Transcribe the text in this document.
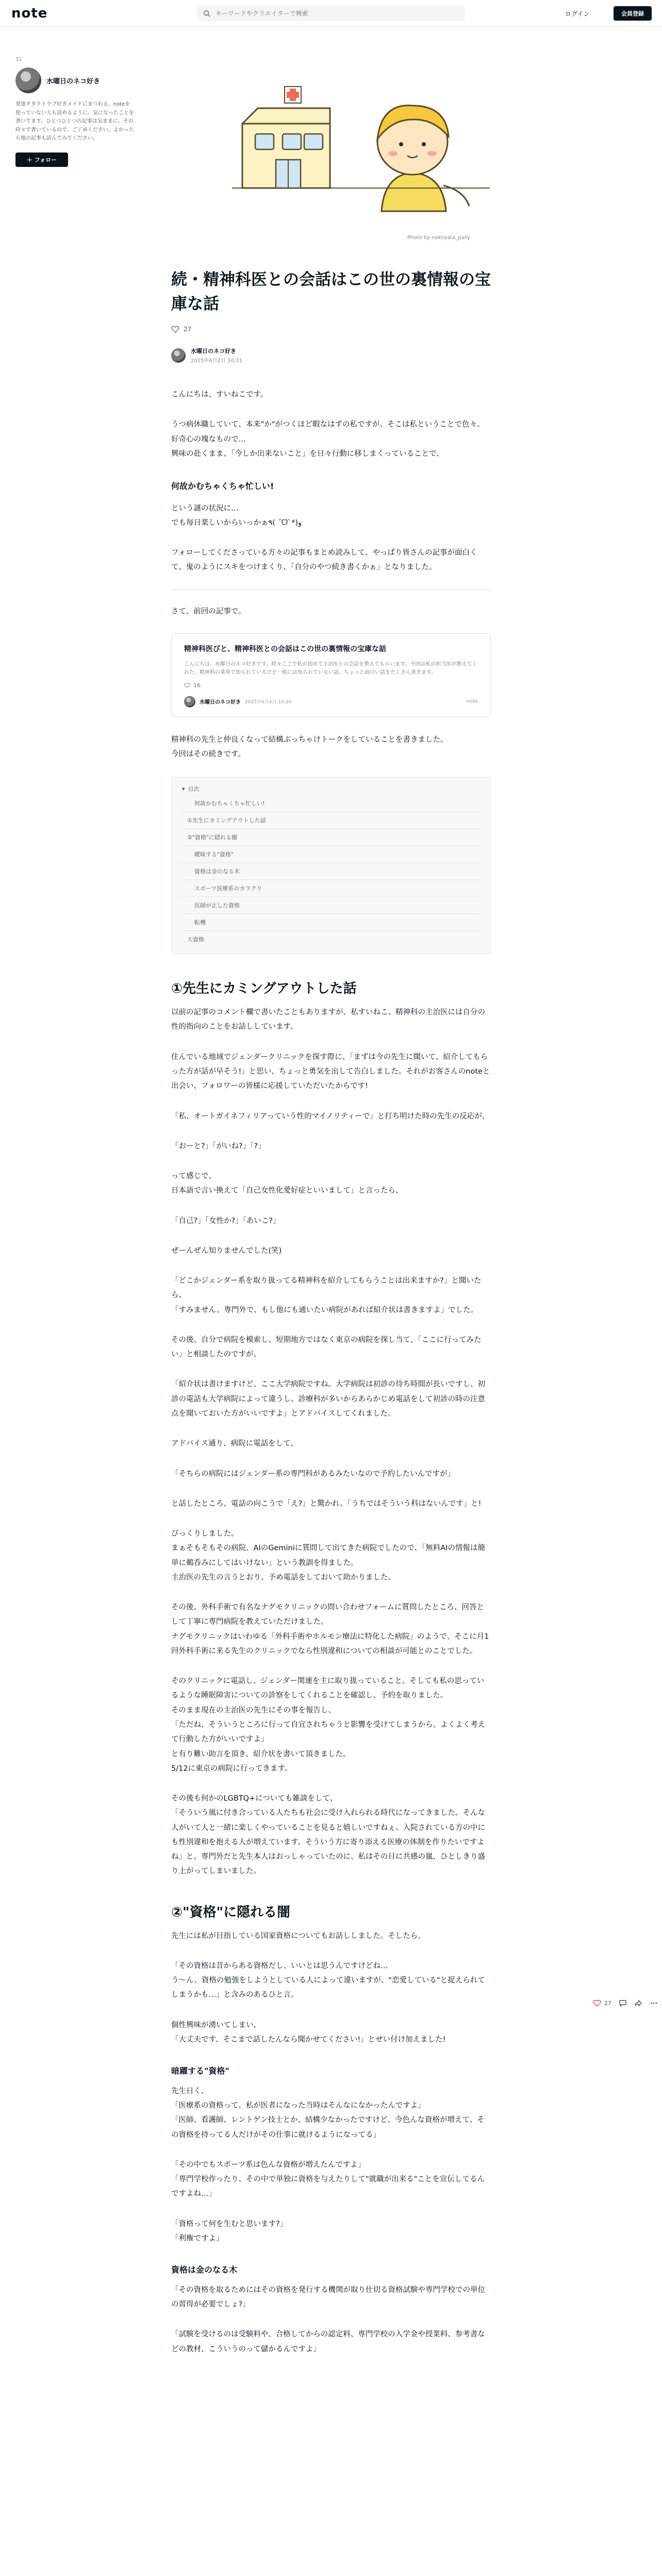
note
キーワードやクリエイターで検索	ログイン	会員登録
31
水曜日のネコ好き
発達オタクトラブ好きメイドにまつわる、noteを使っていない人も読めるように、気になったことを書いてます。ひとつひとつの記事は気ままに、その時々で書いているので、ご了承ください。よかったら他の記事も読んでみてください。
＋ フォロー
Photo by nokoyata_pally
続・精神科医との会話はこの世の裏情報の宝庫な話
27
水曜日のネコ好き
2025年6月2日 10:21

こんにちは、すいねこです。

うつ病休職していて、本来"か"がつくほど暇なはずの私ですが、そこは私ということで色々。好奇心の塊なもので…
興味の赴くまま、「今しか出来ないこと」を日々行動に移しまくっていることで、

何故かむちゃくちゃ忙しい!

という謎の状況に…
でも毎日楽しいからいっかぁ٩( ˊᗜˋ*)و

フォローしてくださっている方々の記事もまとめ読みして、やっぱり皆さんの記事が面白くて、鬼のようにスキをつけまくり、「自分のやつ続き書くかぁ」となりました。

さて、前回の記事で。

精神科医びと、精神科医との会話はこの世の裏情報の宝庫な話
こんにちは、水曜日のネコ好きです。時々ここで私が初めて主治医との会話を教えてもらいます。今回は私の担当医が教えてくれた、精神科の業界で知られているけど一般には知られていない話。ちょっと面白い話をたくさん書きます。
16
水曜日のネコ好き 2025年6月4日 10:20	note

精神科の先生と仲良くなって結構ぶっちゃけトークをしていることを書きました。
今回はその続きです。

▾ 目次
何故かむちゃくちゃ忙しい!
①先生にカミングアウトした話
②"資格"に隠れる闇
曖昧する"資格"
資格は金のなる木
スポーツ医療系のカラクリ
医師が正した資格
転機
大資格
①先生にカミングアウトした話

以前の記事のコメント欄で書いたこともありますが、私すいねこ、精神科の主治医には自分の性的指向のことをお話ししています。

住んでいる地域でジェンダークリニックを探す際に、「まずは今の先生に聞いて、紹介してもらった方が話が早そう!」と思い、ちょっと勇気を出して告白しました。それがお客さんのnoteと出会い、フォロワーの皆様に応援していただいたからです!

「私、オートガイネフィリアっていう性的マイノリティーで」と打ち明けた時の先生の反応が、

「おーと?」「がいね?」「?」

って感じで、
日本語で言い換えて「自己女性化愛好症といいまして」と言ったら、

「自己?」「女性か?」「あいこ?」

ぜーんぜん知りませんでした(笑)

「どこかジェンダー系を取り扱ってる精神科を紹介してもらうことは出来ますか?」と聞いたら、
「すみません、専門外で、もし他にも通いたい病院があれば紹介状は書きますよ」でした。

その後、自分で病院を模索し、短期地方ではなく東京の病院を探し当て、「ここに行ってみたい」と相談したのですが、

「紹介状は書けますけど、ここ大学病院ですね。大学病院は初診の待ち時間が長いですし、初診の電話も大学病院によって違うし、診療科が多いからあらかじめ電話をして初診の時の注意点を聞いておいた方がいいですよ」とアドバイスしてくれました。

アドバイス通り、病院に電話をして、

「そちらの病院にはジェンダー系の専門科があるみたいなので予約したいんですが」

と話したところ、電話の向こうで「え?」と驚かれ、「うちではそういう科はないんです」と!

びっくりしました。
まぁそもそもその病院、AIのGeminiに質問して出てきた病院でしたので、「無料AIの情報は簡単に鵜呑みにしてはいけない」という教訓を得ました。
主治医の先生の言うとおり、予め電話をしておいて助かりました。

その後、外科手術で有名なナグモクリニックの問い合わせフォームに質問したところ、回答として丁寧に専門病院を教えていただけました。
ナグモクリニックはいわゆる「外科手術やホルモン療法に特化した病院」のようで、そこに月1回外科手術に来る先生のクリニックでなら性別違和についての相談が可能とのことでした。

そのクリニックに電話し、ジェンダー関連を主に取り扱っていること、そしても私の思っているような睡眠障害についての診察をしてくれることを確認し、予約を取りました。
そのまま現在の主治医の先生にその事を報告し、
「ただね、そういうところに行って自宜されちゃうと影響を受けてしまうから、よくよく考えて行動した方がいいですよ」
と有り難い助言を頂き、紹介状を書いて頂きました。
5/12に東京の病院に行ってきます。

その後も何かのLGBTQ+についても雑談をして、
「そういう風に付き合っている人たちも社会に受け入れられる時代になってきました。そんな人がいて人と一緒に楽しくやっていることを見ると嬉しいですねぇ。入院されている方の中にも性別違和を抱える人が増えています。そういう方に寄り添える医療の体制を作りたいですよね」と、専門外だと先生本人はおっしゃっていたのに、私はその日に共感の嵐、ひとしきり盛り上がってしまいました。

②"資格"に隠れる闇

先生には私が目指している国家資格についてもお話ししました。そしたら、

「その資格は昔からある資格だし、いいとは思うんですけどね…
う〜ん、資格の勉強をしようとしている人によって違いますが、"恋愛している"と捉えられてしまうかも…」と含みのあるひと言。

個性興味が湧いてしまい、
「大丈夫です、そこまで話したんなら聞かせてください!」とせい付け加えました!

暗躍する"資格"

先生日く、
「医療系の資格って、私が医者になった当時はそんなになかったんですよ」
「医師、看護師、レントゲン技士とか、結構少なかったですけど、今色んな資格が増えて、その資格を持ってる人だけがその仕事に就けるようになってる」

「その中でもスポーツ系は色んな資格が増えたんですよ」
「専門学校作ったり、その中で単独に資格を与えたりして"就職が出来る"ことを宣伝してるんですよね…」

「資格って何を生むと思います?」
「利権ですよ」

資格は金のなる木

「その資格を取るためにはその資格を発行する機関が取り仕切る資格試験や専門学校での単位の習得が必要でしょ?」

「試験を受けるのは受験料や、合格してからの認定料、専門学校の入学金や授業料、参考書などの教材、こういうのって儲かるんですよ」

27
